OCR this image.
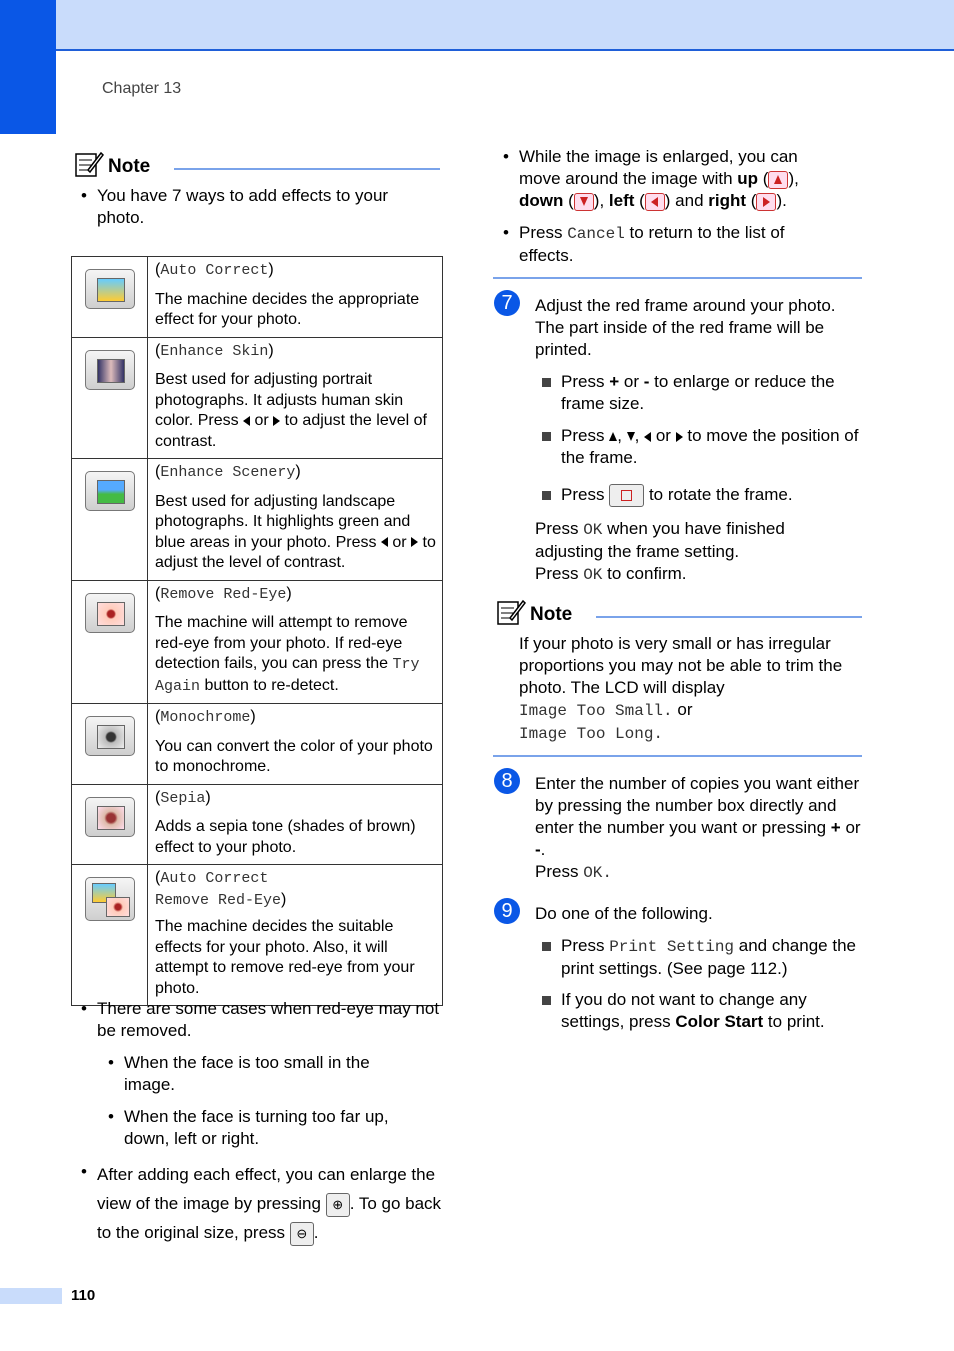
Chapter 13
Note
• You have 7 ways to add effects to your photo.
	(Auto Correct)
The machine decides the appropriate effect for your photo.

	(Enhance Skin)
Best used for adjusting portrait photographs. It adjusts human skin color. Press or to adjust the level of contrast.

	(Enhance Scenery)
Best used for adjusting landscape photographs. It highlights green and blue areas in your photo. Press or to adjust the level of contrast.

	(Remove Red-Eye)
The machine will attempt to remove red-eye from your photo. If red-eye detection fails, you can press the Try Again button to re-detect.

	(Monochrome)
You can convert the color of your photo to monochrome.

	(Sepia)
Adds a sepia tone (shades of brown) effect to your photo.

	(Auto Correct
Remove Red-Eye)
The machine decides the suitable effects for your photo. Also, it will attempt to remove red-eye from your photo.
• There are some cases when red-eye may not be removed.
• When the face is too small in the image.
• When the face is turning too far up, down, left or right.
• After adding each effect, you can enlarge the view of the image by pressing ⊕ . To go back to the original size, press ⊖ .
• While the image is enlarged, you can move around the image with up ( ), down ( ), left ( ) and right ( ).
• Press Cancel to return to the list of effects.
7	Adjust the red frame around your photo. The part inside of the red frame will be printed.
Press + or - to enlarge or reduce the frame size.
Press , ,  or  to move the position of the frame.
Press	to rotate the frame.
Press OK when you have finished adjusting the frame setting.
Press OK to confirm.
Note
If your photo is very small or has irregular proportions you may not be able to trim the photo. The LCD will display
Image Too Small. or
Image Too Long.
8	Enter the number of copies you want either by pressing the number box directly and enter the number you want or pressing + or -.
Press OK.
9	Do one of the following.
Press Print Setting and change the print settings. (See page 112.)
If you do not want to change any settings, press Color Start to print.
110
